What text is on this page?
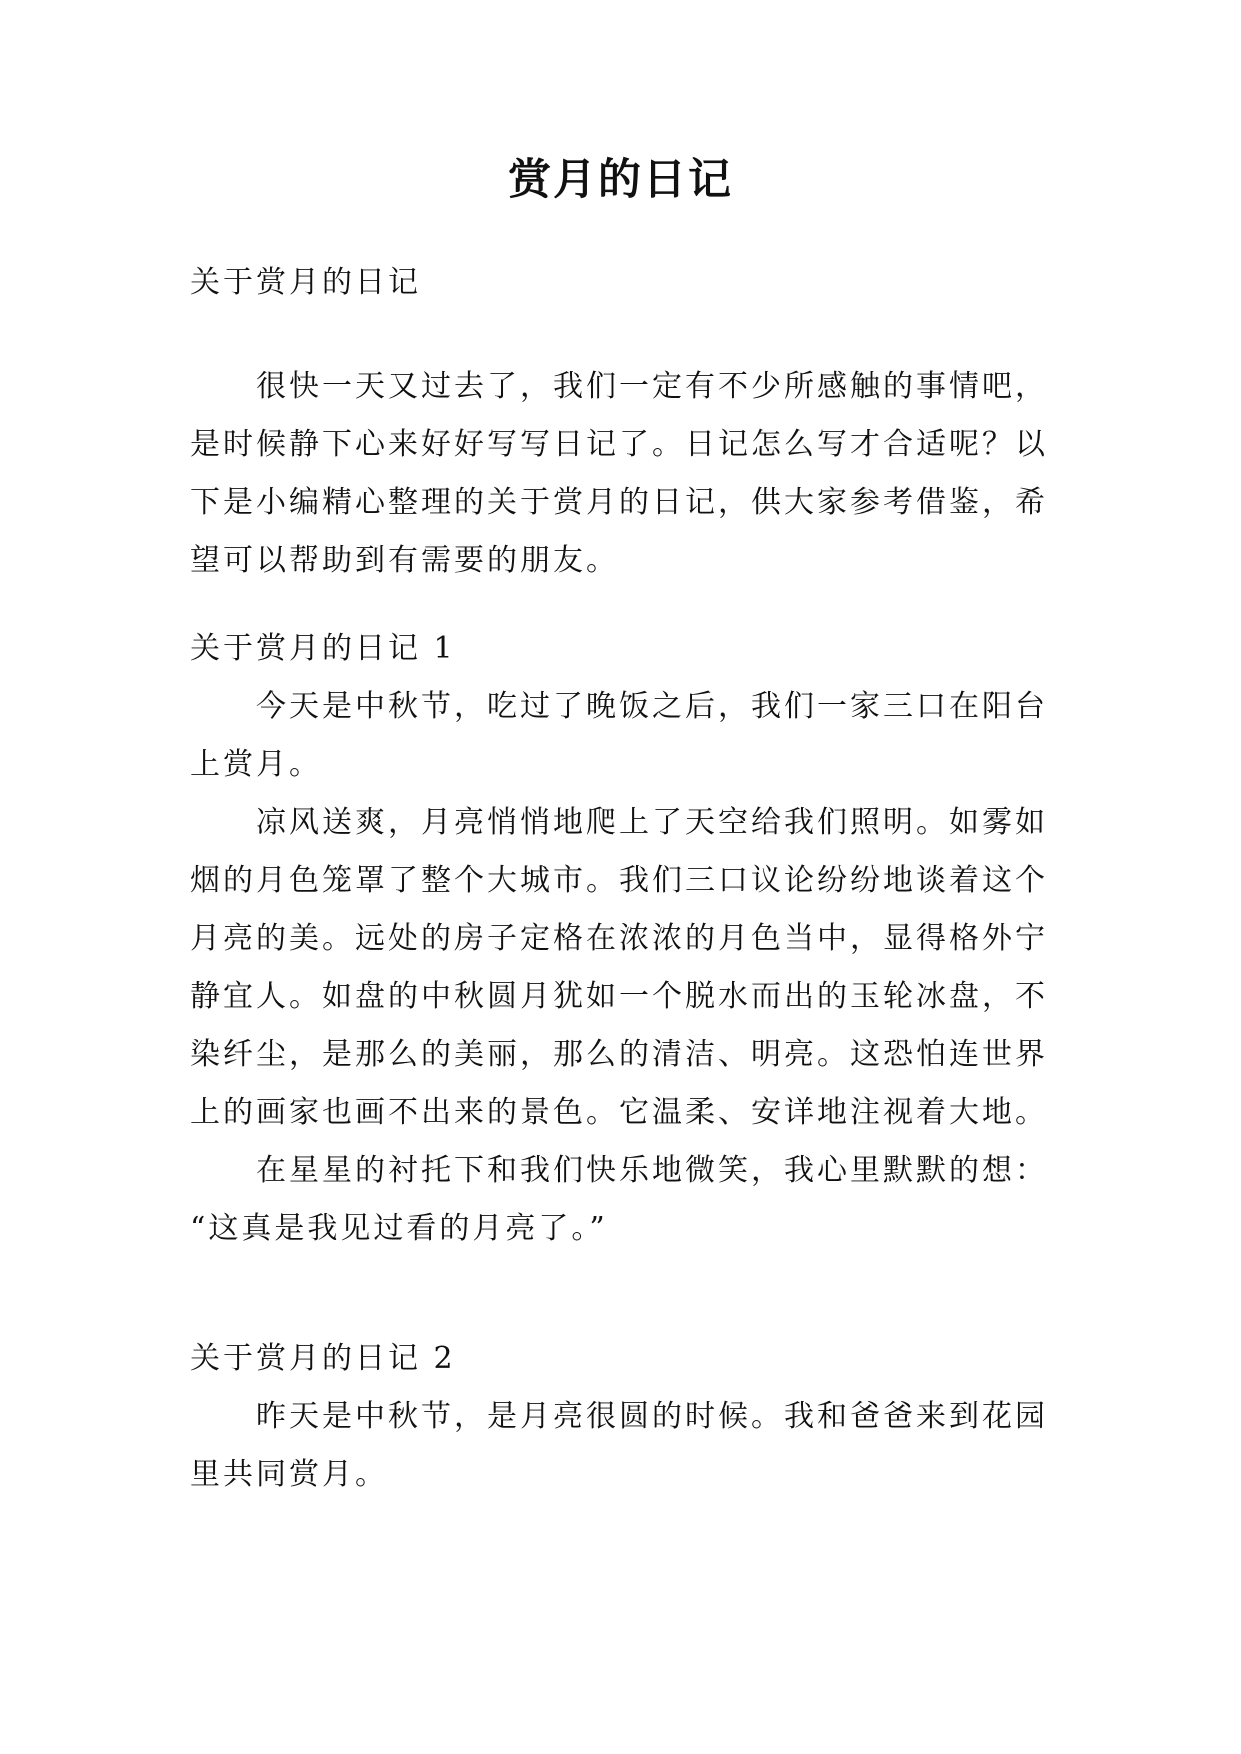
赏月的日记
关于赏月的日记
很快一天又过去了，我们一定有不少所感触的事情吧，
是时候静下心来好好写写日记了。日记怎么写才合适呢？以
下是小编精心整理的关于赏月的日记，供大家参考借鉴，希
望可以帮助到有需要的朋友。
关于赏月的日记 1
今天是中秋节，吃过了晚饭之后，我们一家三口在阳台
上赏月。
凉风送爽，月亮悄悄地爬上了天空给我们照明。如雾如
烟的月色笼罩了整个大城市。我们三口议论纷纷地谈着这个
月亮的美。远处的房子定格在浓浓的月色当中，显得格外宁
静宜人。如盘的中秋圆月犹如一个脱水而出的玉轮冰盘，不
染纤尘，是那么的美丽，那么的清洁、明亮。这恐怕连世界
上的画家也画不出来的景色。它温柔、安详地注视着大地。
在星星的衬托下和我们快乐地微笑，我心里默默的想：
“这真是我见过看的月亮了。”
关于赏月的日记 2
昨天是中秋节，是月亮很圆的时候。我和爸爸来到花园
里共同赏月。
